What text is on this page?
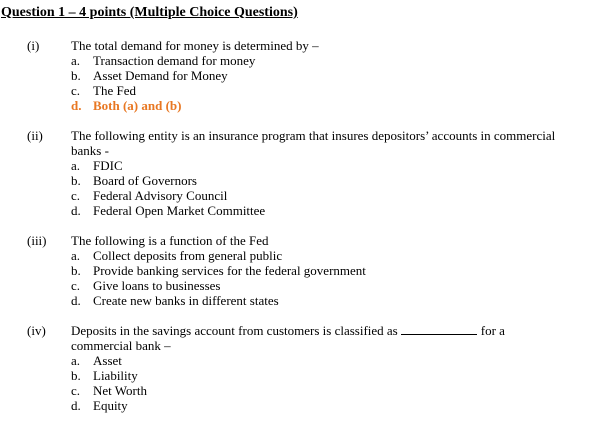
Question 1 – 4 points (Multiple Choice Questions)
(i) The total demand for money is determined by –
a. Transaction demand for money
b. Asset Demand for Money
c. The Fed
d. Both (a) and (b)
(ii) The following entity is an insurance program that insures depositors’ accounts in commercial
banks -
a. FDIC
b. Board of Governors
c. Federal Advisory Council
d. Federal Open Market Committee
(iii) The following is a function of the Fed
a. Collect deposits from general public
b. Provide banking services for the federal government
c. Give loans to businesses
d. Create new banks in different states
(iv) Deposits in the savings account from customers is classified as	for a
commercial bank –
a. Asset
b. Liability
c. Net Worth
d. Equity
